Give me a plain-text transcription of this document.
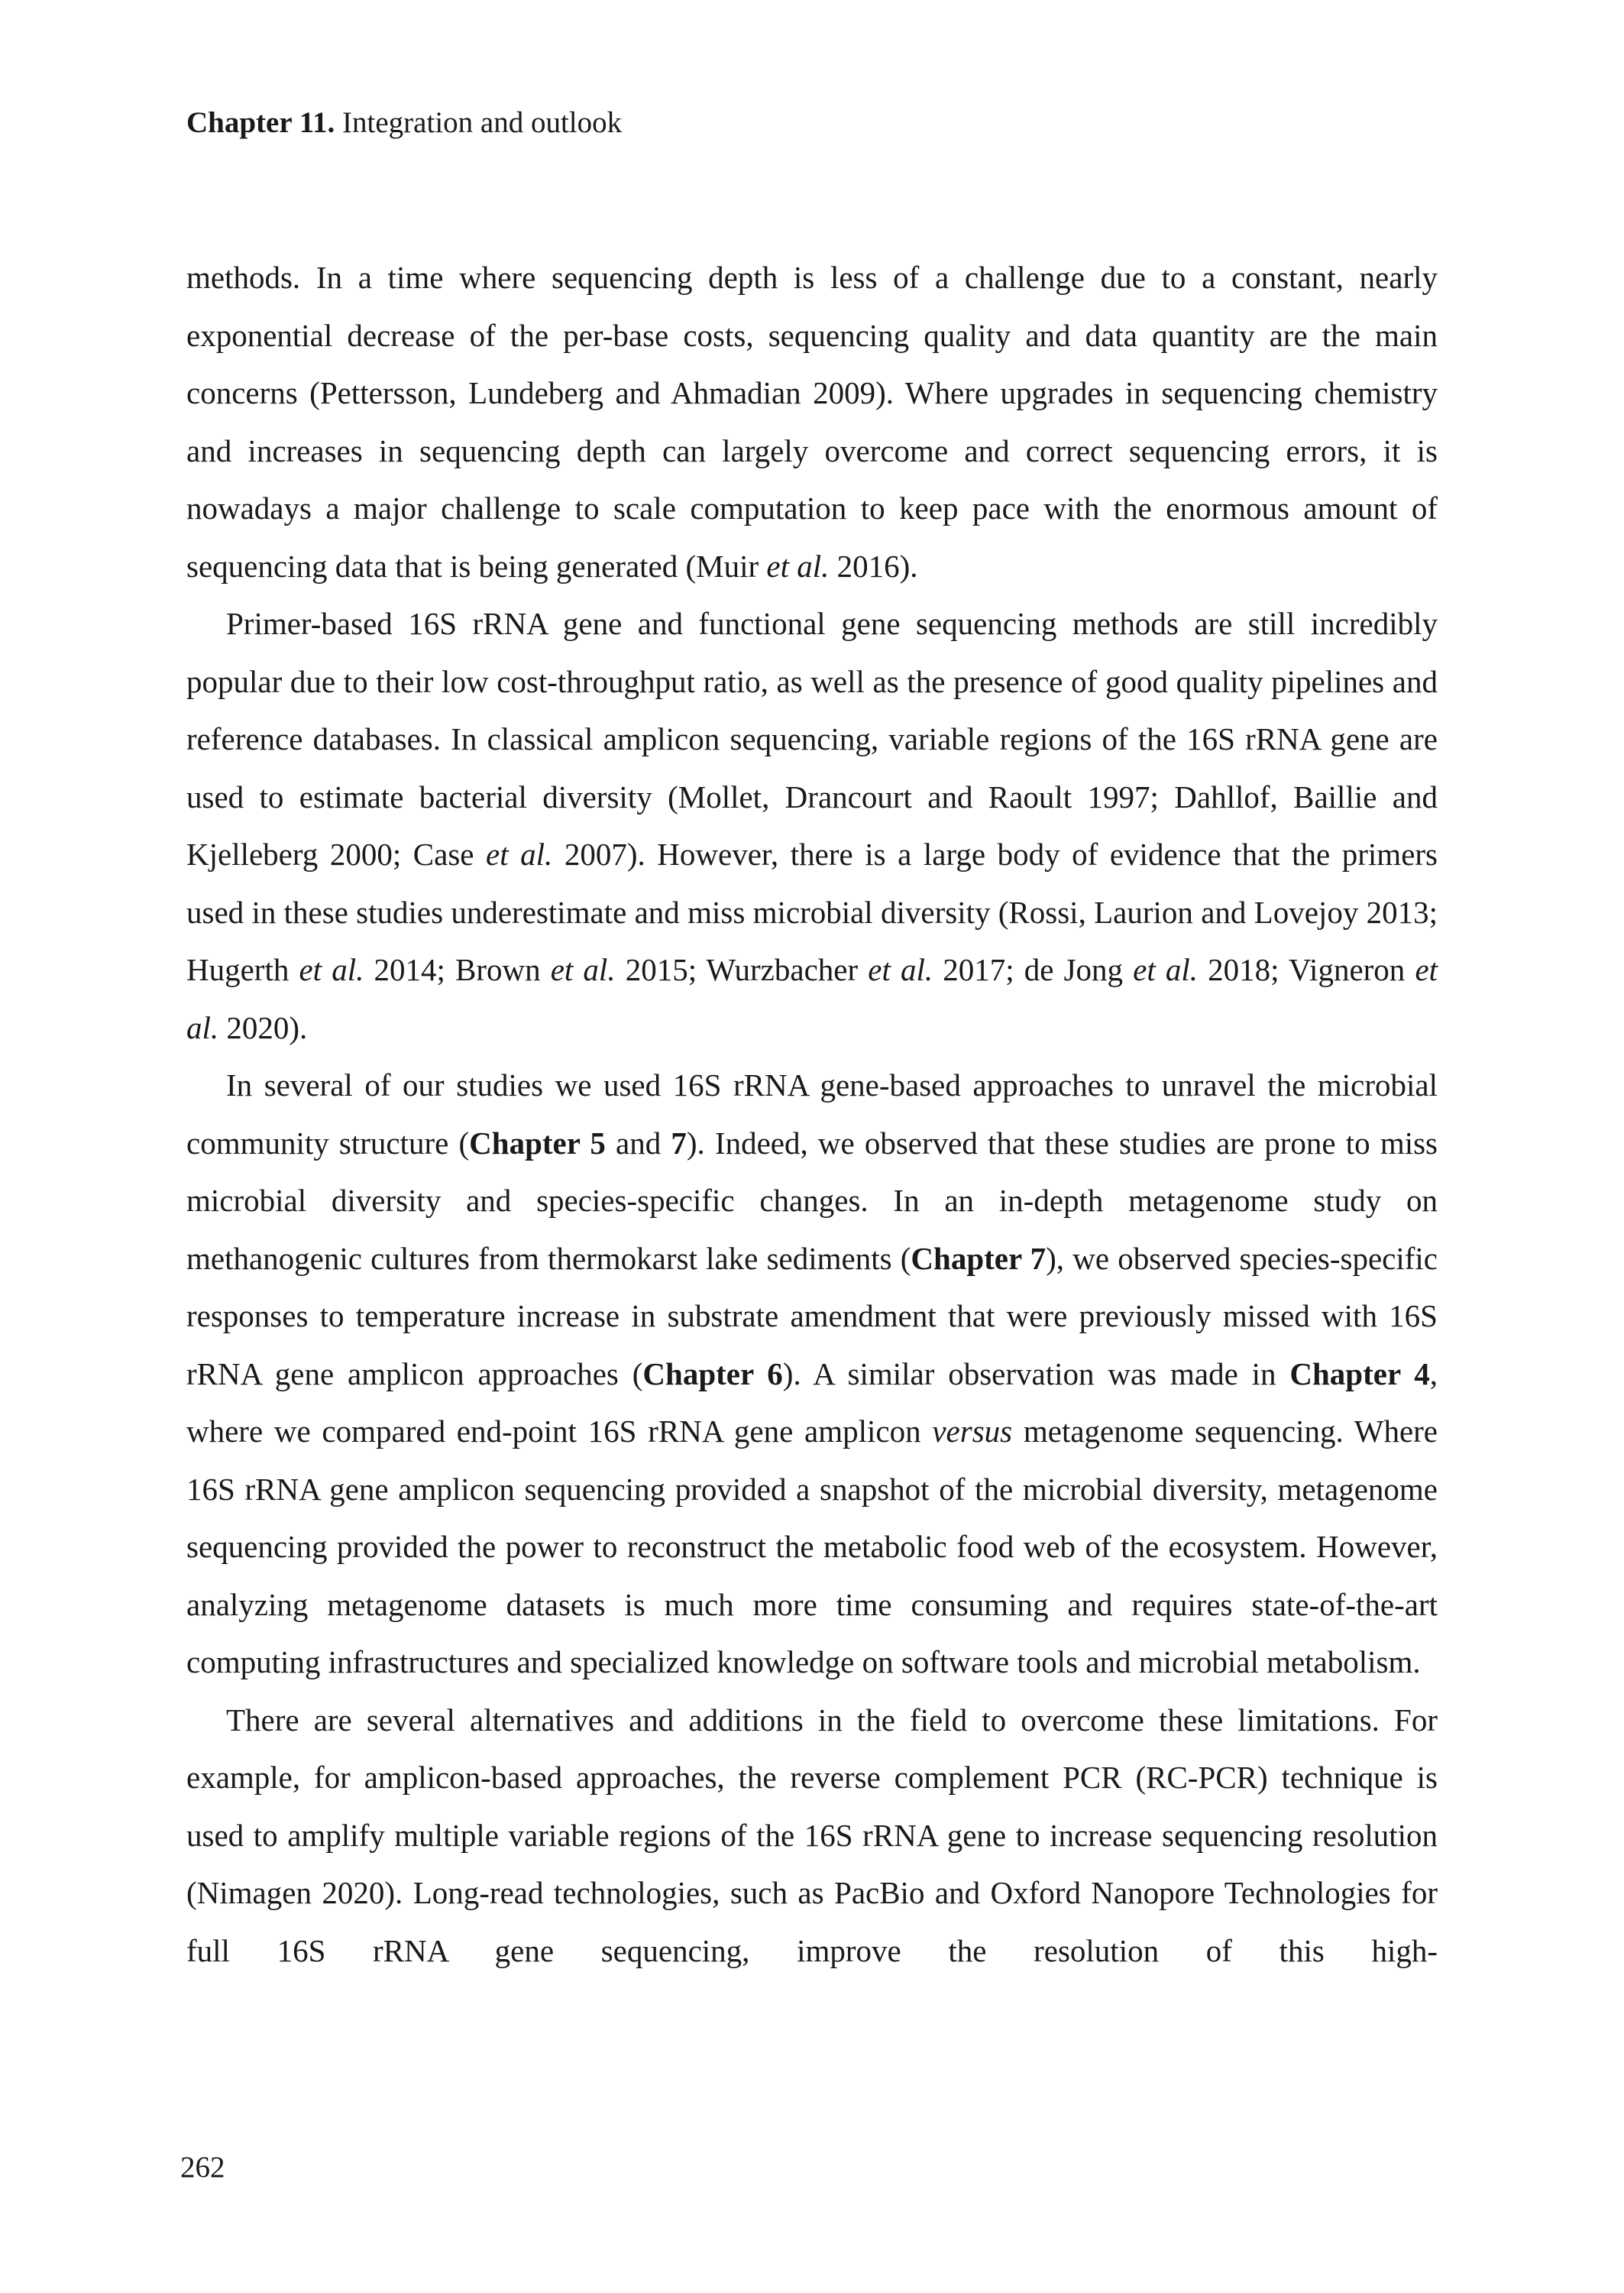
Chapter 11. Integration and outlook

methods. In a time where sequencing depth is less of a challenge due to a constant, nearly exponential decrease of the per-base costs, sequencing quality and data quantity are the main concerns (Pettersson, Lundeberg and Ahmadian 2009). Where upgrades in sequencing chemistry and increases in sequencing depth can largely overcome and correct sequencing errors, it is nowadays a major challenge to scale computation to keep pace with the enormous amount of sequencing data that is being generated (Muir et al. 2016).

Primer-based 16S rRNA gene and functional gene sequencing methods are still incredibly popular due to their low cost-throughput ratio, as well as the presence of good quality pipelines and reference databases. In classical amplicon sequencing, variable regions of the 16S rRNA gene are used to estimate bacterial diversity (Mollet, Drancourt and Raoult 1997; Dahllof, Baillie and Kjelleberg 2000; Case et al. 2007). However, there is a large body of evidence that the primers used in these studies underestimate and miss microbial diversity (Rossi, Laurion and Lovejoy 2013; Hugerth et al. 2014; Brown et al. 2015; Wurzbacher et al. 2017; de Jong et al. 2018; Vigneron et al. 2020).

In several of our studies we used 16S rRNA gene-based approaches to unravel the microbial community structure (Chapter 5 and 7). Indeed, we observed that these studies are prone to miss microbial diversity and species-specific changes. In an in-depth metagenome study on methanogenic cultures from thermokarst lake sediments (Chapter 7), we observed species-specific responses to temperature increase in substrate amendment that were previously missed with 16S rRNA gene amplicon approaches (Chapter 6). A similar observation was made in Chapter 4, where we compared end-point 16S rRNA gene amplicon versus metagenome sequencing. Where 16S rRNA gene amplicon sequencing provided a snapshot of the microbial diversity, metagenome sequencing provided the power to reconstruct the metabolic food web of the ecosystem. However, analyzing metagenome datasets is much more time consuming and requires state-of-the-art computing infrastructures and specialized knowledge on software tools and microbial metabolism.

There are several alternatives and additions in the field to overcome these limitations. For example, for amplicon-based approaches, the reverse complement PCR (RC-PCR) technique is used to amplify multiple variable regions of the 16S rRNA gene to increase sequencing resolution (Nimagen 2020). Long-read technologies, such as PacBio and Oxford Nanopore Technologies for full 16S rRNA gene sequencing, improve the resolution of this high-

262
